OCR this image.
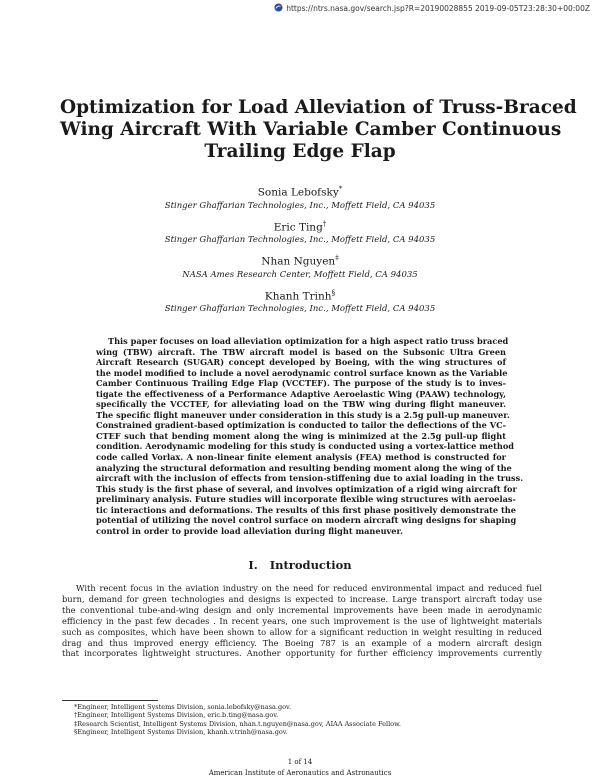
https://ntrs.nasa.gov/search.jsp?R=20190028855 2019-09-05T23:28:30+00:00Z
Optimization for Load Alleviation of Truss-Braced
Wing Aircraft With Variable Camber Continuous
Trailing Edge Flap
Sonia Lebofsky*
Stinger Ghaffarian Technologies, Inc., Moffett Field, CA 94035
Eric Ting†
Stinger Ghaffarian Technologies, Inc., Moffett Field, CA 94035
Nhan Nguyen‡
NASA Ames Research Center, Moffett Field, CA 94035
Khanh Trinh§
Stinger Ghaffarian Technologies, Inc., Moffett Field, CA 94035
This paper focuses on load alleviation optimization for a high aspect ratio truss braced
wing (TBW) aircraft. The TBW aircraft model is based on the Subsonic Ultra Green
Aircraft Research (SUGAR) concept developed by Boeing, with the wing structures of
the model modified to include a novel aerodynamic control surface known as the Variable
Camber Continuous Trailing Edge Flap (VCCTEF). The purpose of the study is to inves-
tigate the effectiveness of a Performance Adaptive Aeroelastic Wing (PAAW) technology,
specifically the VCCTEF, for alleviating load on the TBW wing during flight maneuver.
The specific flight maneuver under consideration in this study is a 2.5g pull-up maneuver.
Constrained gradient-based optimization is conducted to tailor the deflections of the VC-
CTEF such that bending moment along the wing is minimized at the 2.5g pull-up flight
condition. Aerodynamic modeling for this study is conducted using a vortex-lattice method
code called Vorlax. A non-linear finite element analysis (FEA) method is constructed for
analyzing the structural deformation and resulting bending moment along the wing of the
aircraft with the inclusion of effects from tension-stiffening due to axial loading in the truss.
This study is the first phase of several, and involves optimization of a rigid wing aircraft for
preliminary analysis. Future studies will incorporate flexible wing structures with aeroelas-
tic interactions and deformations. The results of this first phase positively demonstrate the
potential of utilizing the novel control surface on modern aircraft wing designs for shaping
control in order to provide load alleviation during flight maneuver.
I. Introduction
With recent focus in the aviation industry on the need for reduced environmental impact and reduced fuel
burn, demand for green technologies and designs is expected to increase. Large transport aircraft today use
the conventional tube-and-wing design and only incremental improvements have been made in aerodynamic
efficiency in the past few decades . In recent years, one such improvement is the use of lightweight materials
such as composites, which have been shown to allow for a significant reduction in weight resulting in reduced
drag and thus improved energy efficiency. The Boeing 787 is an example of a modern aircraft design
that incorporates lightweight structures. Another opportunity for further efficiency improvements currently
*Engineer, Intelligent Systems Division, sonia.lebofsky@nasa.gov.
†Engineer, Intelligent Systems Division, eric.b.ting@nasa.gov.
‡Research Scientist, Intelligent Systems Division, nhan.t.nguyen@nasa.gov, AIAA Associate Fellow.
§Engineer, Intelligent Systems Division, khanh.v.trinh@nasa.gov.
1 of 14
American Institute of Aeronautics and Astronautics
